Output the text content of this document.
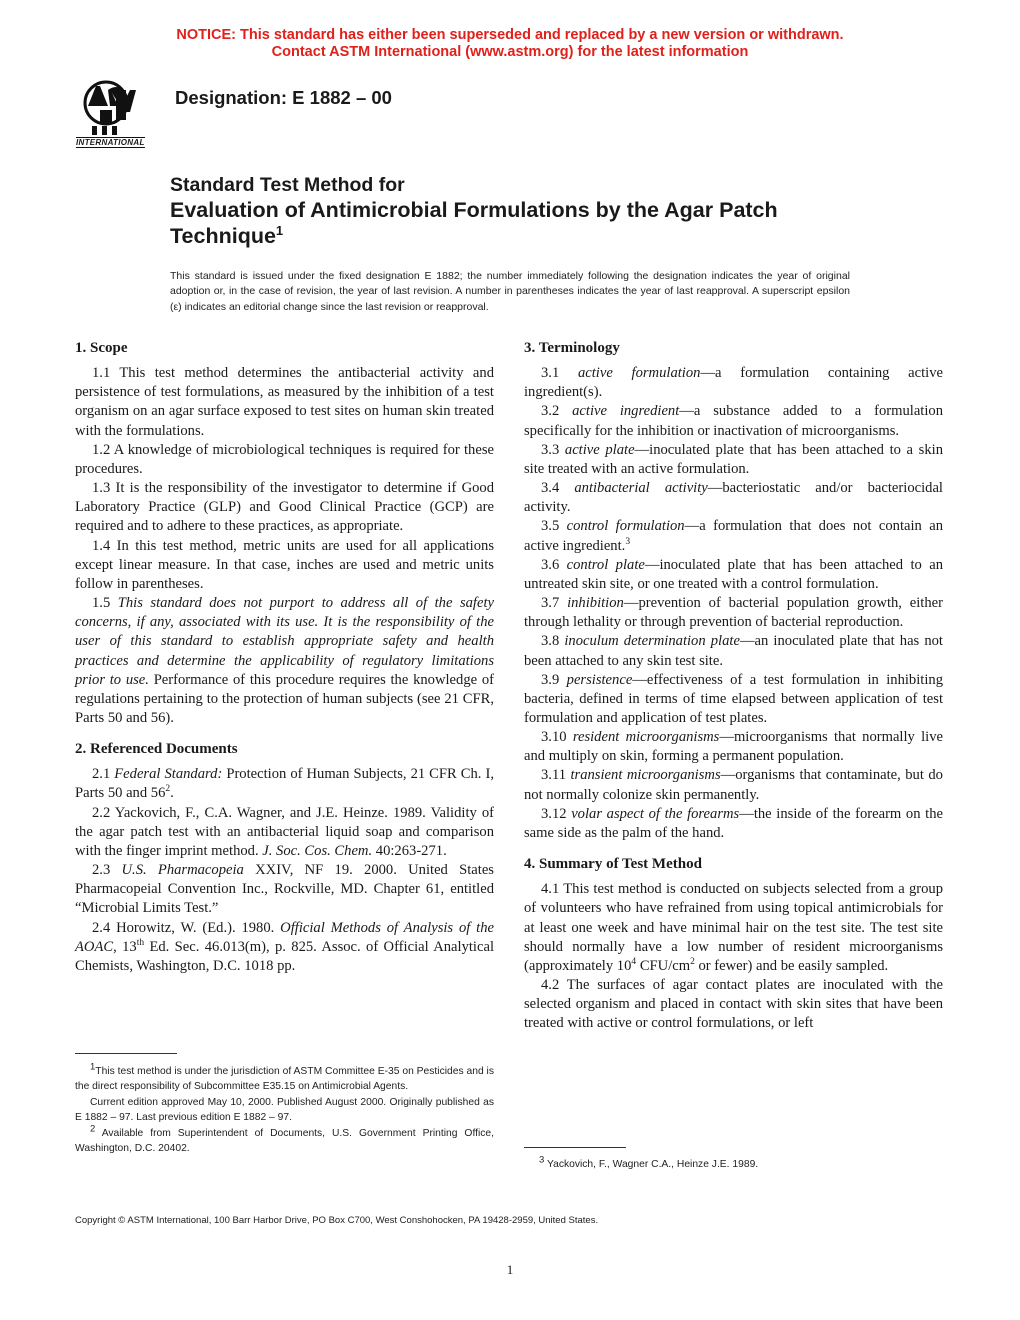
NOTICE: This standard has either been superseded and replaced by a new version or withdrawn.
Contact ASTM International (www.astm.org) for the latest information
INTERNATIONAL
Designation: E 1882 – 00
Standard Test Method for
Evaluation of Antimicrobial Formulations by the Agar Patch Technique$^1$
This standard is issued under the fixed designation E 1882; the number immediately following the designation indicates the year of original adoption or, in the case of revision, the year of last revision. A number in parentheses indicates the year of last reapproval. A superscript epsilon (ε) indicates an editorial change since the last revision or reapproval.
1. Scope

1.1 This test method determines the antibacterial activity and persistence of test formulations, as measured by the inhibition of a test organism on an agar surface exposed to test sites on human skin treated with the formulations.

1.2 A knowledge of microbiological techniques is required for these procedures.

1.3 It is the responsibility of the investigator to determine if Good Laboratory Practice (GLP) and Good Clinical Practice (GCP) are required and to adhere to these practices, as appropriate.

1.4 In this test method, metric units are used for all applications except linear measure. In that case, inches are used and metric units follow in parentheses.

1.5 This standard does not purport to address all of the safety concerns, if any, associated with its use. It is the responsibility of the user of this standard to establish appropriate safety and health practices and determine the applicability of regulatory limitations prior to use. Performance of this procedure requires the knowledge of regulations pertaining to the protection of human subjects (see 21 CFR, Parts 50 and 56).

2. Referenced Documents

2.1 Federal Standard: Protection of Human Subjects, 21 CFR Ch. I, Parts 50 and $56^2$.

2.2 Yackovich, F., C.A. Wagner, and J.E. Heinze. 1989. Validity of the agar patch test with an antibacterial liquid soap and comparison with the finger imprint method. J. Soc. Cos. Chem. 40:263-271.

2.3 U.S. Pharmacopeia XXIV, NF 19. 2000. United States Pharmacopeial Convention Inc., Rockville, MD. Chapter 61, entitled “Microbial Limits Test.”

2.4 Horowitz, W. (Ed.). 1980. Official Methods of Analysis of the AOAC, 13th Ed. Sec. 46.013(m), p. 825. Assoc. of Official Analytical Chemists, Washington, D.C. 1018 pp.

$^1$This test method is under the jurisdiction of ASTM Committee E-35 on Pesticides and is the direct responsibility of Subcommittee E35.15 on Antimicrobial Agents.

Current edition approved May 10, 2000. Published August 2000. Originally published as E 1882 – 97. Last previous edition E 1882 – 97.

$^2$ Available from Superintendent of Documents, U.S. Government Printing Office, Washington, D.C. 20402.

3. Terminology

3.1 active formulation—a formulation containing active ingredient(s).

3.2 active ingredient—a substance added to a formulation specifically for the inhibition or inactivation of microorganisms.

3.3 active plate—inoculated plate that has been attached to a skin site treated with an active formulation.

3.4 antibacterial activity—bacteriostatic and/or bacteriocidal activity.

3.5 control formulation—a formulation that does not contain an active ingredient.$^3$

3.6 control plate—inoculated plate that has been attached to an untreated skin site, or one treated with a control formulation.

3.7 inhibition—prevention of bacterial population growth, either through lethality or through prevention of bacterial reproduction.

3.8 inoculum determination plate—an inoculated plate that has not been attached to any skin test site.

3.9 persistence—effectiveness of a test formulation in inhibiting bacteria, defined in terms of time elapsed between application of test formulation and application of test plates.

3.10 resident microorganisms—microorganisms that normally live and multiply on skin, forming a permanent population.

3.11 transient microorganisms—organisms that contaminate, but do not normally colonize skin permanently.

3.12 volar aspect of the forearms—the inside of the forearm on the same side as the palm of the hand.

4. Summary of Test Method

4.1 This test method is conducted on subjects selected from a group of volunteers who have refrained from using topical antimicrobials for at least one week and have minimal hair on the test site. The test site should normally have a low number of resident microorganisms (approximately $10^4$ CFU/$cm^2$ or fewer) and be easily sampled.

4.2 The surfaces of agar contact plates are inoculated with the selected organism and placed in contact with skin sites that have been treated with active or control formulations, or left

$^3$ Yackovich, F., Wagner C.A., Heinze J.E. 1989.

Copyright © ASTM International, 100 Barr Harbor Drive, PO Box C700, West Conshohocken, PA 19428-2959, United States.
1
